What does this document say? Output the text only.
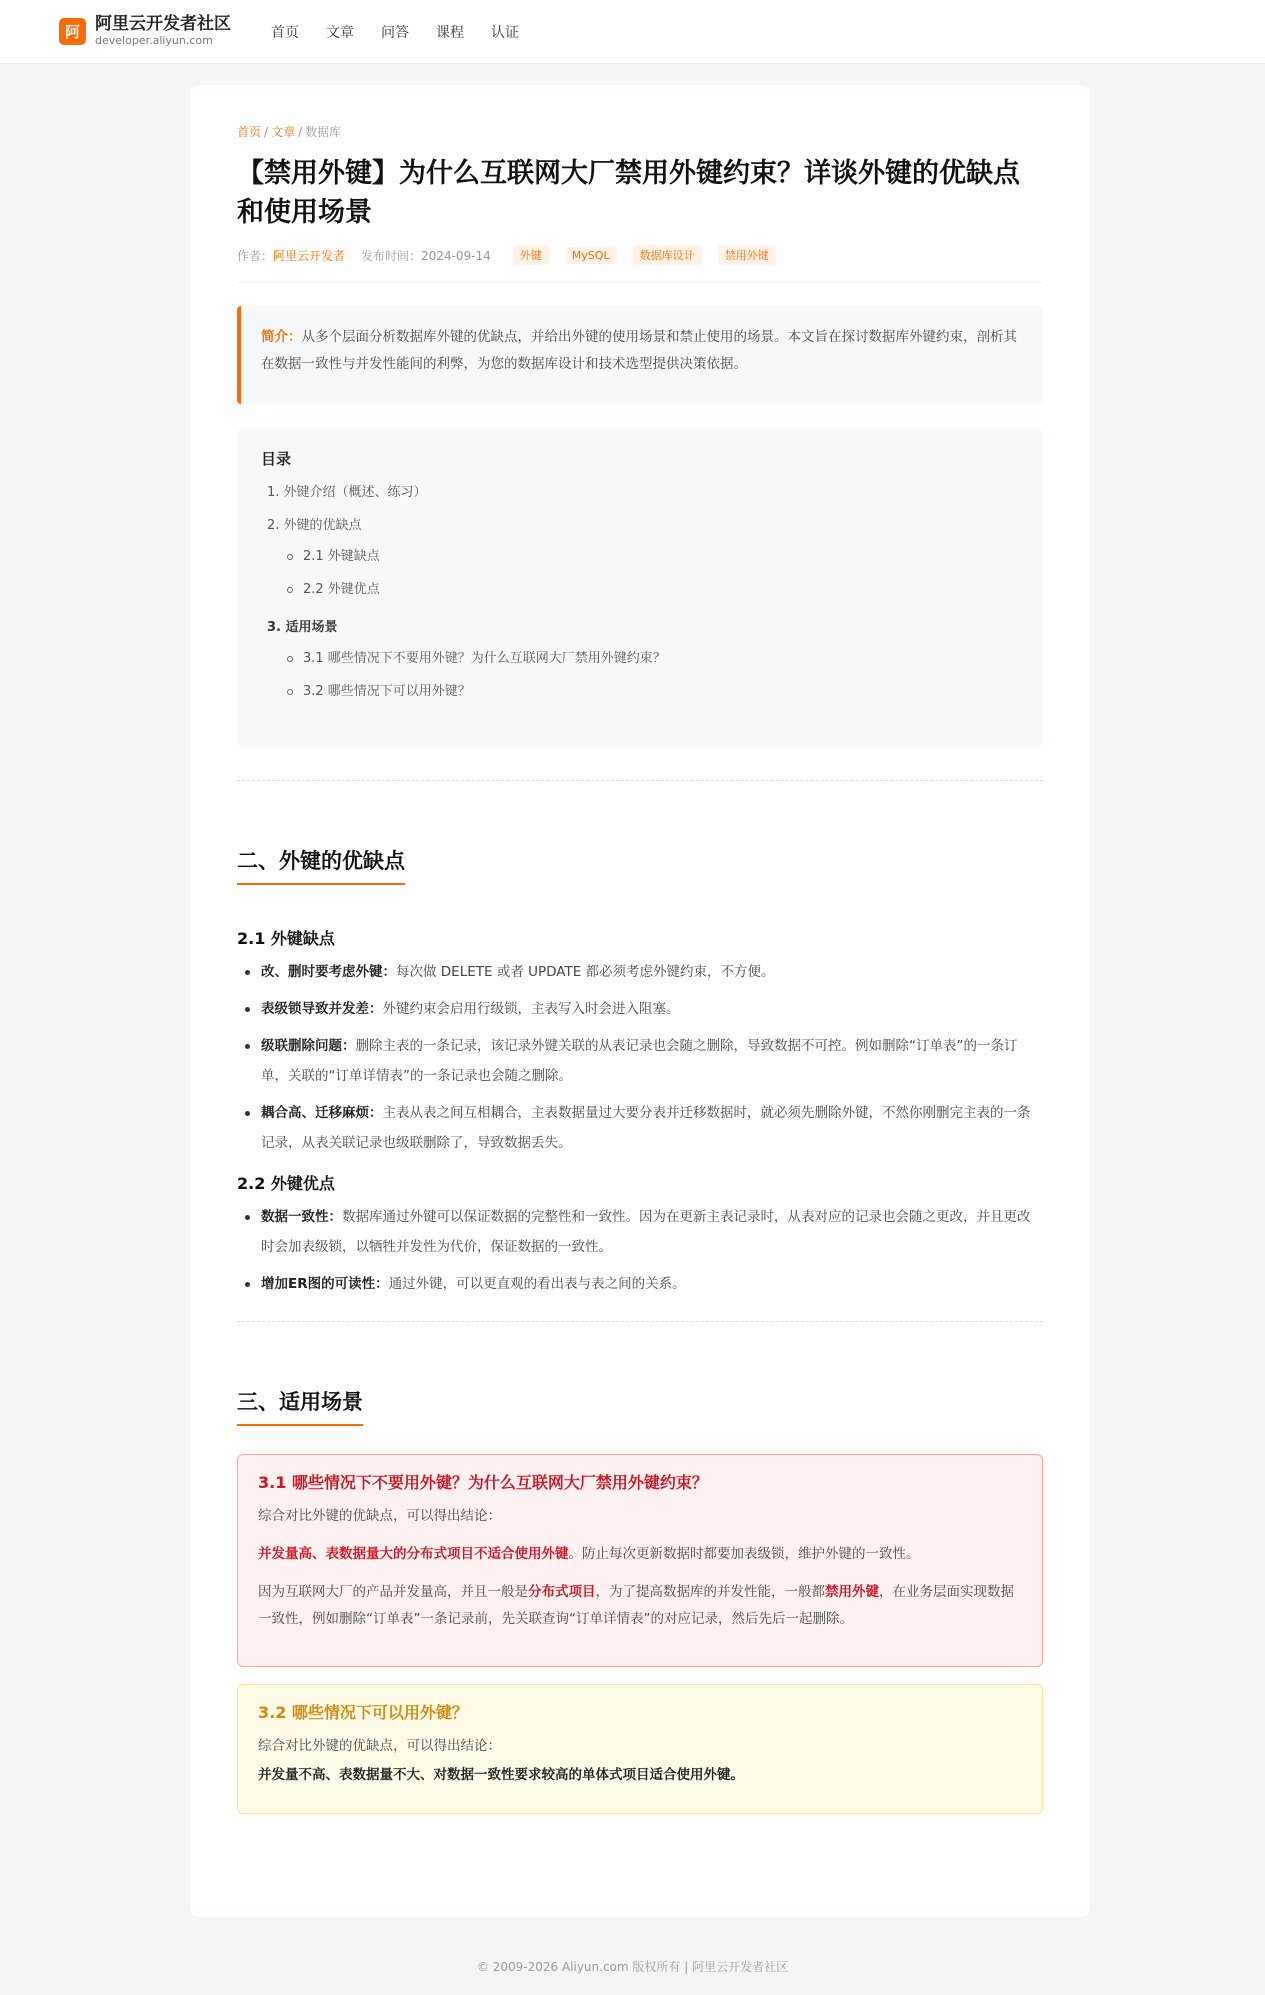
阿 阿里云开发者社区
developer.aliyun.com	首页 文章 问答 课程 认证
首页 / 文章 / 数据库
【禁用外键】为什么互联网大厂禁用外键约束？详谈外键的优缺点和使用场景
作者： 阿里云开发者 发布时间：2024-09-14	外键	MySQL	数据库设计	禁用外键
简介：从多个层面分析数据库外键的优缺点，并给出外键的使用场景和禁止使用的场景。本文旨在探讨数据库外键约束，剖析其在数据一致性与并发性能间的利弊，为您的数据库设计和技术选型提供决策依据。
目录
1. 外键介绍（概述、练习）
2. 外键的优缺点
2.1 外键缺点
2.2 外键优点
3. 适用场景
3.1 哪些情况下不要用外键？为什么互联网大厂禁用外键约束？
3.2 哪些情况下可以用外键？
二、外键的优缺点
2.1 外键缺点
改、删时要考虑外键：每次做 DELETE 或者 UPDATE 都必须考虑外键约束，不方便。
表级锁导致并发差：外键约束会启用行级锁，主表写入时会进入阻塞。
级联删除问题：删除主表的一条记录，该记录外键关联的从表记录也会随之删除，导致数据不可控。例如删除“订单表”的一条订单，关联的“订单详情表”的一条记录也会随之删除。
耦合高、迁移麻烦：主表从表之间互相耦合，主表数据量过大要分表并迁移数据时，就必须先删除外键，不然你刚删完主表的一条记录，从表关联记录也级联删除了，导致数据丢失。
2.2 外键优点
数据一致性：数据库通过外键可以保证数据的完整性和一致性。因为在更新主表记录时，从表对应的记录也会随之更改，并且更改时会加表级锁，以牺牲并发性为代价，保证数据的一致性。
增加ER图的可读性：通过外键，可以更直观的看出表与表之间的关系。
三、适用场景
3.1 哪些情况下不要用外键？为什么互联网大厂禁用外键约束？

综合对比外键的优缺点，可以得出结论：

并发量高、表数据量大的分布式项目不适合使用外键。防止每次更新数据时都要加表级锁，维护外键的一致性。

因为互联网大厂的产品并发量高，并且一般是分布式项目，为了提高数据库的并发性能，一般都禁用外键，在业务层面实现数据一致性，例如删除“订单表”一条记录前，先关联查询“订单详情表”的对应记录，然后先后一起删除。

3.2 哪些情况下可以用外键？

综合对比外键的优缺点，可以得出结论：

并发量不高、表数据量不大、对数据一致性要求较高的单体式项目适合使用外键。

© 2009-2026 Aliyun.com 版权所有 | 阿里云开发者社区
